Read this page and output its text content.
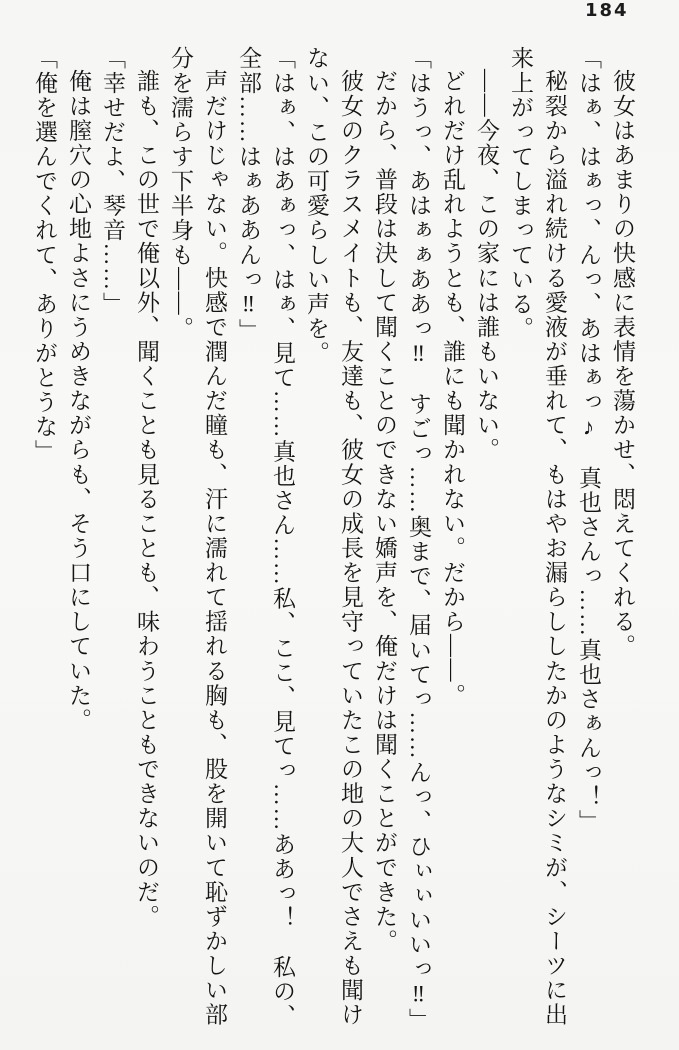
184

彼女はあまりの快感に表情を蕩かせ、悶えてくれる。

「はぁ、はぁっ、んっ、あはぁっ♪　真也さんっ……真也さぁんっ！」

秘裂から溢れ続ける愛液が垂れて、もはやお漏らししたかのようなシミが、シーツに出来上がってしまっている。

——今夜、この家には誰もいない。

どれだけ乱れようとも、誰にも聞かれない。だから——。

「はうっ、あはぁぁああっ‼　すごっ……奥まで、届いてっ……んっ、ひぃぃいいっ‼」

だから、普段は決して聞くことのできない嬌声を、俺だけは聞くことができた。

彼女のクラスメイトも、友達も、彼女の成長を見守っていたこの地の大人でさえも聞けない、この可愛らしい声を。

「はぁ、はあぁっ、はぁ、見て……真也さん……私、ここ、見てっ……ああっ！　私の、全部……はぁああんっ‼」

声だけじゃない。快感で潤んだ瞳も、汗に濡れて揺れる胸も、股を開いて恥ずかしい部分を濡らす下半身も——。

誰も、この世で俺以外、聞くことも見ることも、味わうこともできないのだ。

「幸せだよ、琴音……」

俺は膣穴の心地よさにうめきながらも、そう口にしていた。

「俺を選んでくれて、ありがとうな」
